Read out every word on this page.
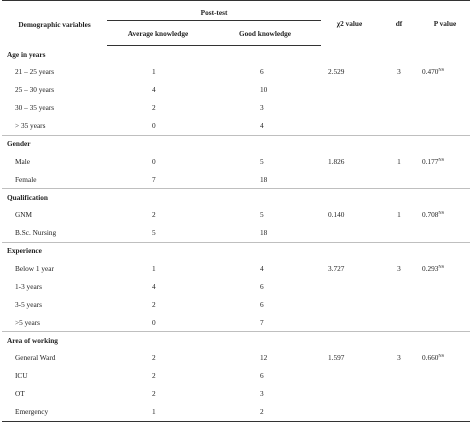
Demographic variables	Post-test		χ2 value	df	P value
	Average knowledge	Good knowledge			
Age in years					
21 – 25 years	1	6	2.529	3	$0.470^{NS}$
25 – 30 years	4	10			
30 – 35 years	2	3			
> 35 years	0	4			
Gender					
Male	0	5	1.826	1	$0.177^{NS}$
Female	7	18			
Qualification					
GNM	2	5	0.140	1	$0.708^{NS}$
B.Sc. Nursing	5	18			
Experience					
Below 1 year	1	4	3.727	3	$0.293^{NS}$
1-3 years	4	6			
3-5 years	2	6			
>5 years	0	7			
Area of working					
General Ward	2	12	1.597	3	$0.660^{NS}$
ICU	2	6			
OT	2	3			
Emergency	1	2			
